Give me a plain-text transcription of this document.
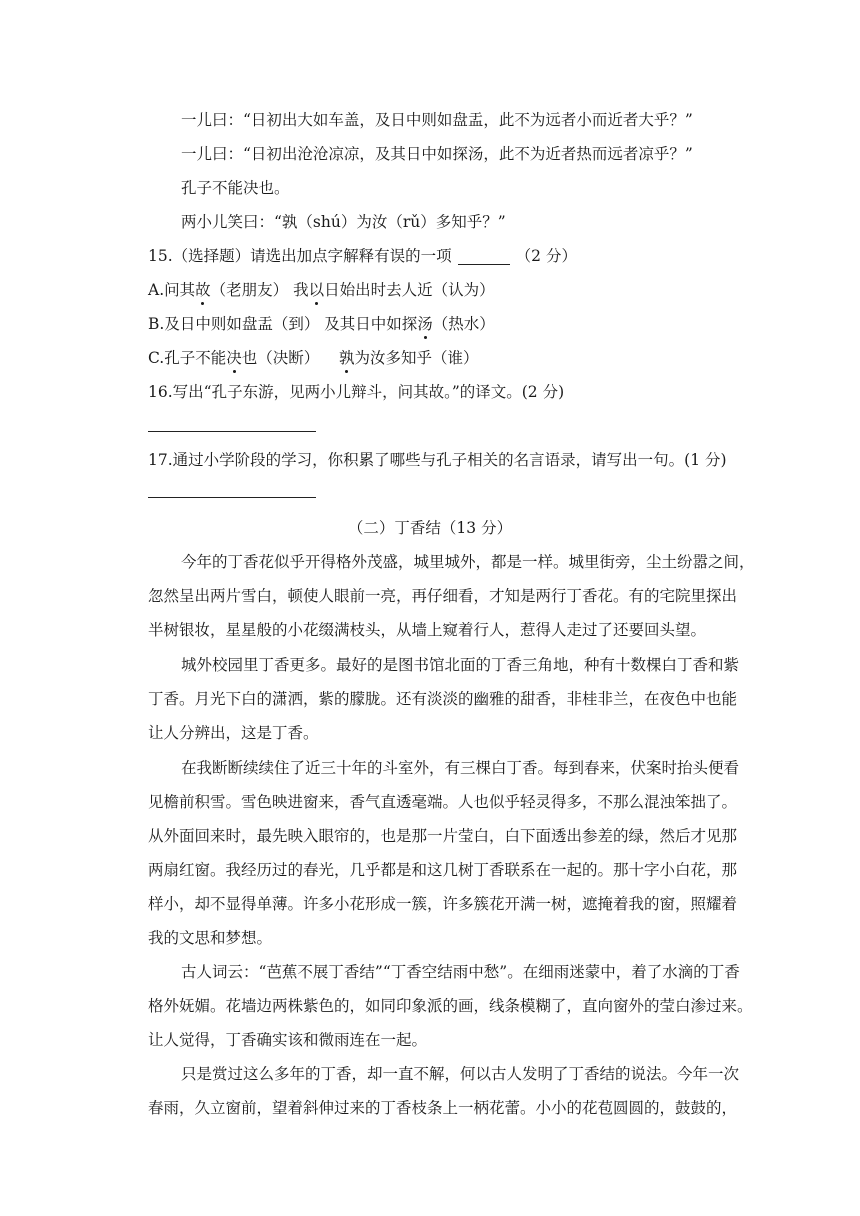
一儿曰：“日初出大如车盖，及日中则如盘盂，此不为远者小而近者大乎？”
一儿曰：“日初出沧沧凉凉，及其日中如探汤，此不为近者热而远者凉乎？”
孔子不能决也。
两小儿笑曰：“孰（shú）为汝（rǔ）多知乎？”
15.（选择题）请选出加点字解释有误的一项	（2 分）
A.问其故（老朋友） 我以日始出时去人近（认为）
B.及日中则如盘盂（到） 及其日中如探汤（热水）
C.孔子不能决也（决断）    孰为汝多知乎（谁）
16.写出“孔子东游，见两小儿辩斗，问其故。”的译文。(2 分)
17.通过小学阶段的学习，你积累了哪些与孔子相关的名言语录，请写出一句。(1 分)
（二）丁香结（13 分）
今年的丁香花似乎开得格外茂盛，城里城外，都是一样。城里街旁，尘土纷嚣之间，
忽然呈出两片雪白，顿使人眼前一亮，再仔细看，才知是两行丁香花。有的宅院里探出
半树银妆，星星般的小花缀满枝头，从墙上窥着行人，惹得人走过了还要回头望。
城外校园里丁香更多。最好的是图书馆北面的丁香三角地，种有十数棵白丁香和紫
丁香。月光下白的潇洒，紫的朦胧。还有淡淡的幽雅的甜香，非桂非兰，在夜色中也能
让人分辨出，这是丁香。
在我断断续续住了近三十年的斗室外，有三棵白丁香。每到春来，伏案时抬头便看
见檐前积雪。雪色映进窗来，香气直透毫端。人也似乎轻灵得多，不那么混浊笨拙了。
从外面回来时，最先映入眼帘的，也是那一片莹白，白下面透出参差的绿，然后才见那
两扇红窗。我经历过的春光，几乎都是和这几树丁香联系在一起的。那十字小白花，那
样小，却不显得单薄。许多小花形成一簇，许多簇花开满一树，遮掩着我的窗，照耀着
我的文思和梦想。
古人词云：“芭蕉不展丁香结”“丁香空结雨中愁”。在细雨迷蒙中，着了水滴的丁香
格外妩媚。花墙边两株紫色的，如同印象派的画，线条模糊了，直向窗外的莹白渗过来。
让人觉得，丁香确实该和微雨连在一起。
只是赏过这么多年的丁香，却一直不解，何以古人发明了丁香结的说法。今年一次
春雨，久立窗前，望着斜伸过来的丁香枝条上一柄花蕾。小小的花苞圆圆的，鼓鼓的，
